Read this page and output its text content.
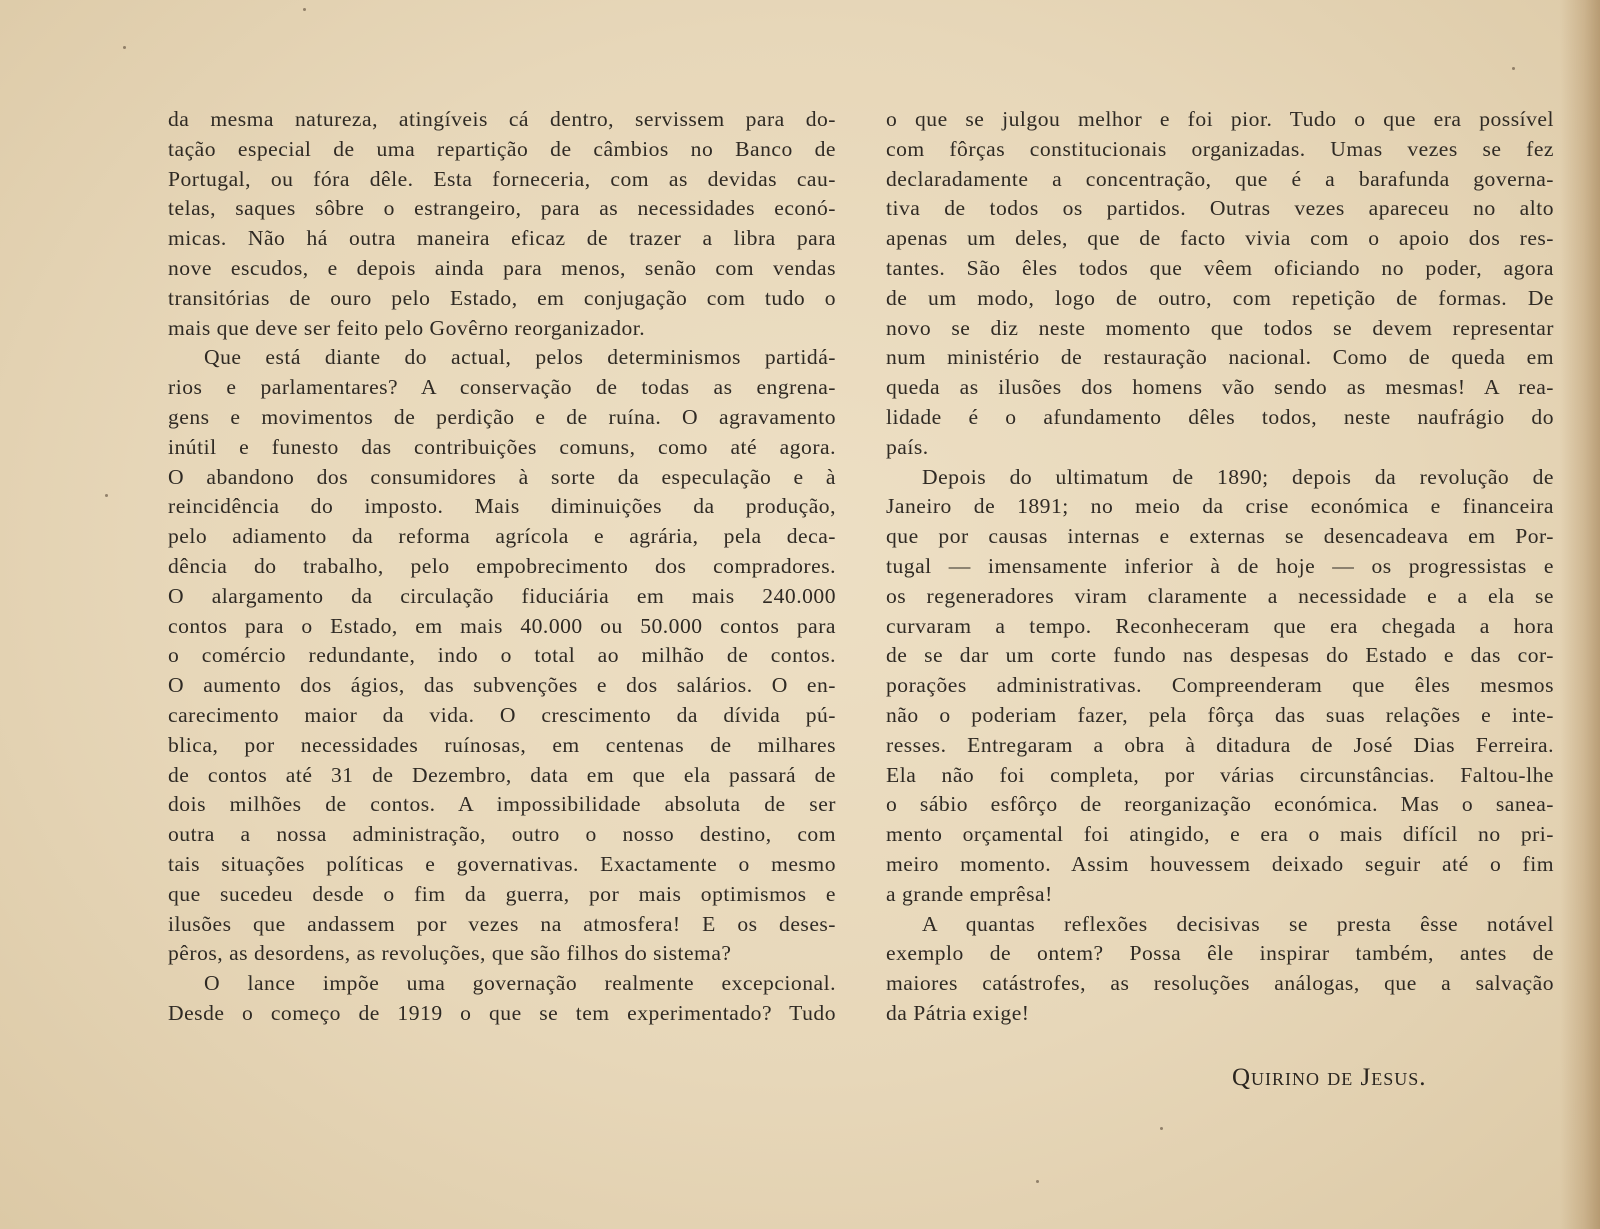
da mesma natureza, atingíveis cá dentro, servissem para do-
tação especial de uma repartição de câmbios no Banco de
Portugal, ou fóra dêle. Esta forneceria, com as devidas cau-
telas, saques sôbre o estrangeiro, para as necessidades econó-
micas. Não há outra maneira eficaz de trazer a libra para
nove escudos, e depois ainda para menos, senão com vendas
transitórias de ouro pelo Estado, em conjugação com tudo o
mais que deve ser feito pelo Govêrno reorganizador.
Que está diante do actual, pelos determinismos partidá-
rios e parlamentares? A conservação de todas as engrena-
gens e movimentos de perdição e de ruína. O agravamento
inútil e funesto das contribuições comuns, como até agora.
O abandono dos consumidores à sorte da especulação e à
reincidência do imposto. Mais diminuições da produção,
pelo adiamento da reforma agrícola e agrária, pela deca-
dência do trabalho, pelo empobrecimento dos compradores.
O alargamento da circulação fiduciária em mais 240.000
contos para o Estado, em mais 40.000 ou 50.000 contos para
o comércio redundante, indo o total ao milhão de contos.
O aumento dos ágios, das subvenções e dos salários. O en-
carecimento maior da vida. O crescimento da dívida pú-
blica, por necessidades ruínosas, em centenas de milhares
de contos até 31 de Dezembro, data em que ela passará de
dois milhões de contos. A impossibilidade absoluta de ser
outra a nossa administração, outro o nosso destino, com
tais situações políticas e governativas. Exactamente o mesmo
que sucedeu desde o fim da guerra, por mais optimismos e
ilusões que andassem por vezes na atmosfera! E os deses-
pêros, as desordens, as revoluções, que são filhos do sistema?
O lance impõe uma governação realmente excepcional.
Desde o começo de 1919 o que se tem experimentado? Tudo
o que se julgou melhor e foi pior. Tudo o que era possível
com fôrças constitucionais organizadas. Umas vezes se fez
declaradamente a concentração, que é a barafunda governa-
tiva de todos os partidos. Outras vezes apareceu no alto
apenas um deles, que de facto vivia com o apoio dos res-
tantes. São êles todos que vêem oficiando no poder, agora
de um modo, logo de outro, com repetição de formas. De
novo se diz neste momento que todos se devem representar
num ministério de restauração nacional. Como de queda em
queda as ilusões dos homens vão sendo as mesmas! A rea-
lidade é o afundamento dêles todos, neste naufrágio do
país.
Depois do ultimatum de 1890; depois da revolução de
Janeiro de 1891; no meio da crise económica e financeira
que por causas internas e externas se desencadeava em Por-
tugal — imensamente inferior à de hoje — os progressistas e
os regeneradores viram claramente a necessidade e a ela se
curvaram a tempo. Reconheceram que era chegada a hora
de se dar um corte fundo nas despesas do Estado e das cor-
porações administrativas. Compreenderam que êles mesmos
não o poderiam fazer, pela fôrça das suas relações e inte-
resses. Entregaram a obra à ditadura de José Dias Ferreira.
Ela não foi completa, por várias circunstâncias. Faltou-lhe
o sábio esfôrço de reorganização económica. Mas o sanea-
mento orçamental foi atingido, e era o mais difícil no pri-
meiro momento. Assim houvessem deixado seguir até o fim
a grande emprêsa!
A quantas reflexões decisivas se presta êsse notável
exemplo de ontem? Possa êle inspirar também, antes de
maiores catástrofes, as resoluções análogas, que a salvação
da Pátria exige!
Quirino de Jesus.
